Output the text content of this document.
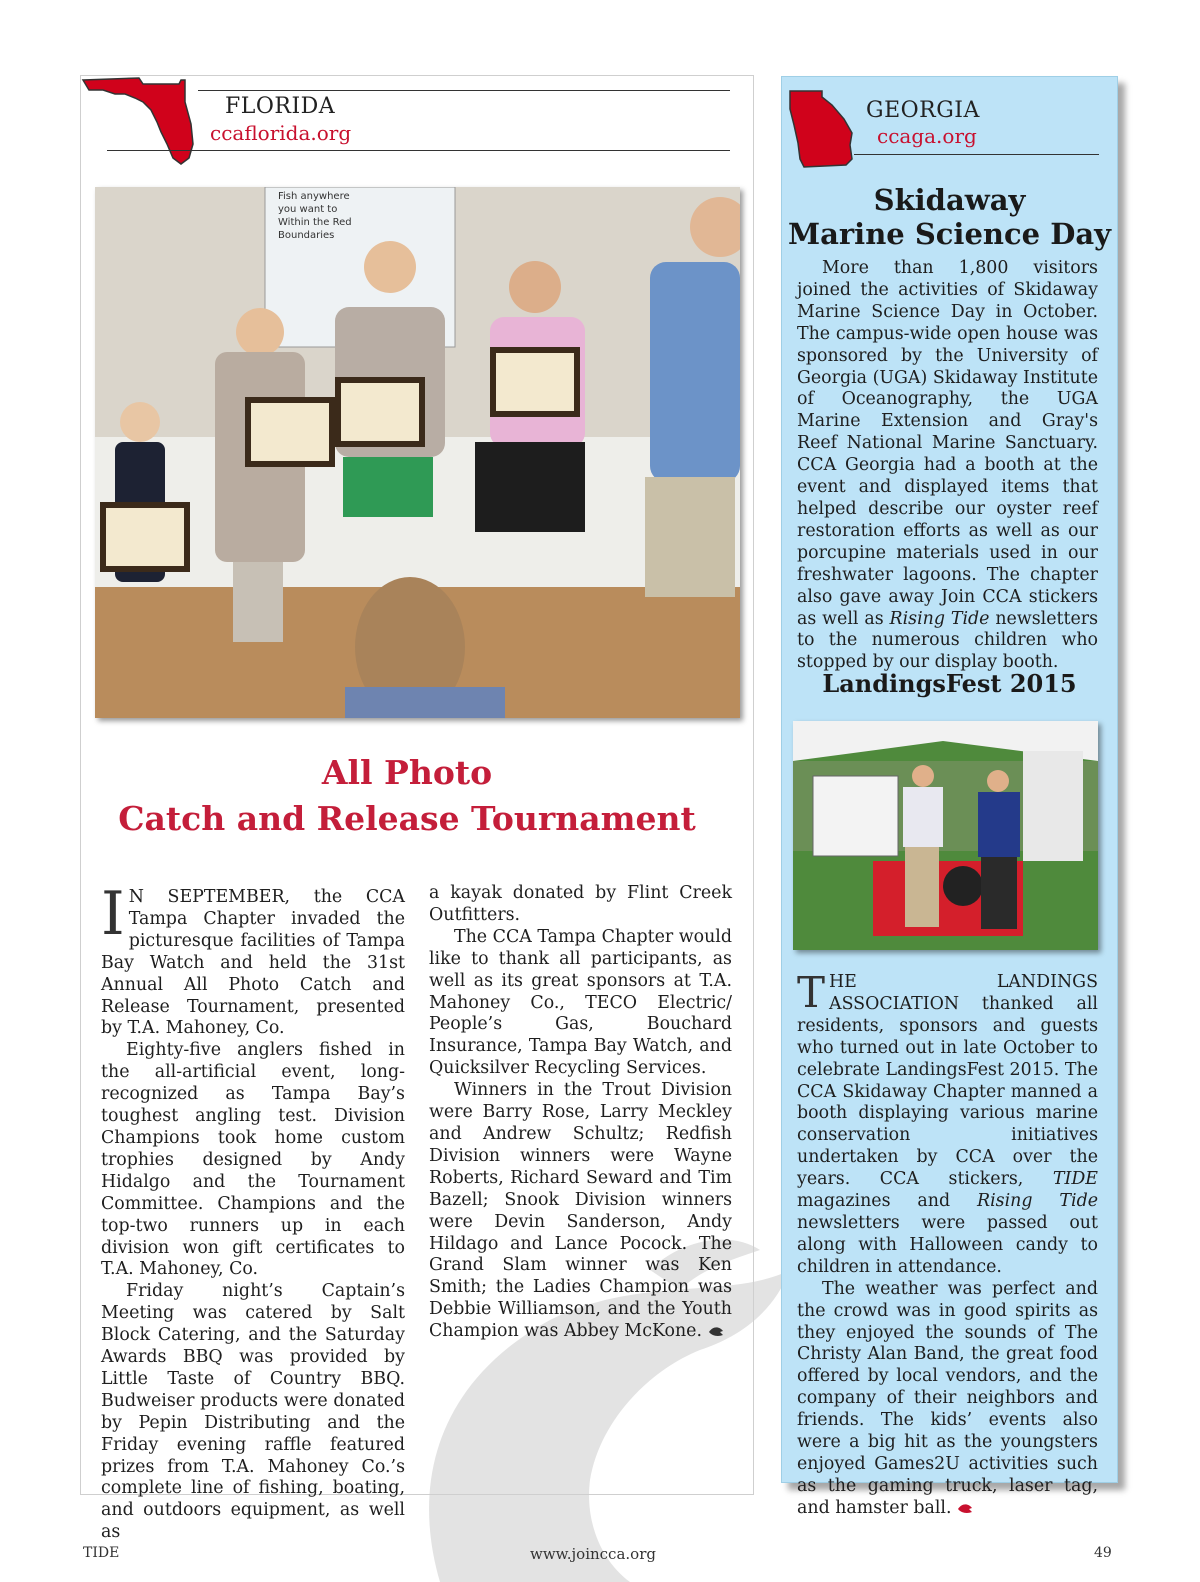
FLORIDA
ccaflorida.org
Fish anywhere you want to Within the Red Boundaries
All Photo
Catch and Release Tournament

I N SEPTEMBER, the CCA Tampa Chapter invaded the picturesque facilities of Tampa Bay Watch and held the 31st Annual All Photo Catch and Release Tournament, presented by T.A. Mahoney, Co.

Eighty-five anglers fished in the all-artificial event, long-recognized as Tampa Bay’s toughest angling test. Division Champions took home custom trophies designed by Andy Hidalgo and the Tournament Committee. Champions and the top-two runners up in each division won gift certificates to T.A. Mahoney, Co.

Friday night’s Captain’s Meeting was catered by Salt Block Catering, and the Saturday Awards BBQ was provided by Little Taste of Country BBQ. Budweiser products were donated by Pepin Distributing and the Friday evening raffle featured prizes from T.A. Mahoney Co.’s complete line of fishing, boating, and outdoors equipment, as well as

a kayak donated by Flint Creek Outfitters.

The CCA Tampa Chapter would like to thank all participants, as well as its great sponsors at T.A. Mahoney Co., TECO Electric/ People’s Gas, Bouchard Insurance, Tampa Bay Watch, and Quicksilver Recycling Services.

Winners in the Trout Division were Barry Rose, Larry Meckley and Andrew Schultz; Redfish Division winners were Wayne Roberts, Richard Seward and Tim Bazell; Snook Division winners were Devin Sanderson, Andy Hildago and Lance Pocock. The Grand Slam winner was Ken Smith; the Ladies Champion was Debbie Williamson, and the Youth Champion was Abbey McKone.

GEORGIA
ccaga.org
Skidaway
Marine Science Day

More than 1,800 visitors joined the activities of Skidaway Marine Science Day in October. The campus-wide open house was sponsored by the University of Georgia (UGA) Skidaway Institute of Oceanography, the UGA Marine Extension and Gray's Reef National Marine Sanctuary. CCA Georgia had a booth at the event and displayed items that helped describe our oyster reef restoration efforts as well as our porcupine materials used in our freshwater lagoons. The chapter also gave away Join CCA stickers as well as Rising Tide newsletters to the numerous children who stopped by our display booth.

LandingsFest 2015

THE LANDINGS ASSOCIATION thanked all residents, sponsors and guests who turned out in late October to celebrate LandingsFest 2015. The CCA Skidaway Chapter manned a booth displaying various marine conservation initiatives undertaken by CCA over the years. CCA stickers, TIDE magazines and Rising Tide newsletters were passed out along with Halloween candy to children in attendance.

The weather was perfect and the crowd was in good spirits as they enjoyed the sounds of The Christy Alan Band, the great food offered by local vendors, and the company of their neighbors and friends. The kids’ events also were a big hit as the youngsters enjoyed Games2U activities such as the gaming truck, laser tag, and hamster ball.

TIDE	www.joincca.org	49
